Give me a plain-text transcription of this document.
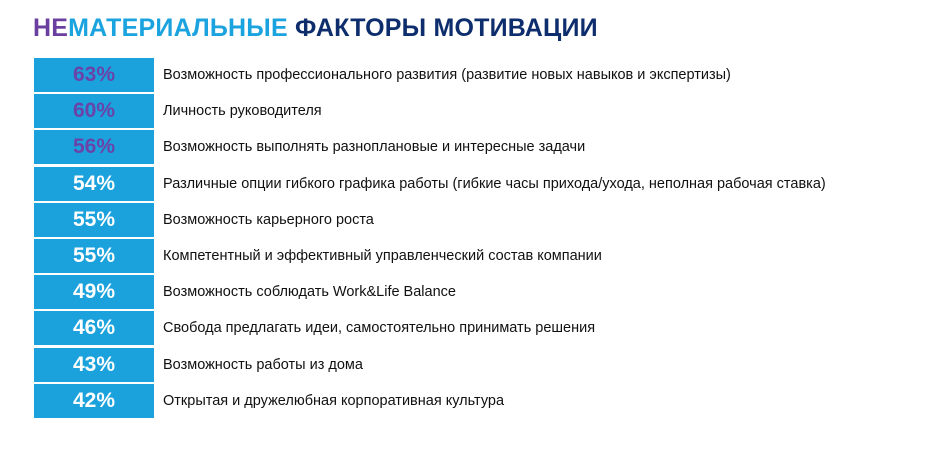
НЕМАТЕРИАЛЬНЫЕ ФАКТОРЫ МОТИВАЦИИ
63%	Возможность профессионального развития (развитие новых навыков и экспертизы)
60%	Личность руководителя
56%	Возможность выполнять разноплановые и интересные задачи
54%	Различные опции гибкого графика работы (гибкие часы прихода/ухода, неполная рабочая ставка)
55%	Возможность карьерного роста
55%	Компетентный и эффективный управленческий состав компании
49%	Возможность соблюдать Work&Life Balance
46%	Свобода предлагать идеи, самостоятельно принимать решения
43%	Возможность работы из дома
42%	Открытая и дружелюбная корпоративная культура
